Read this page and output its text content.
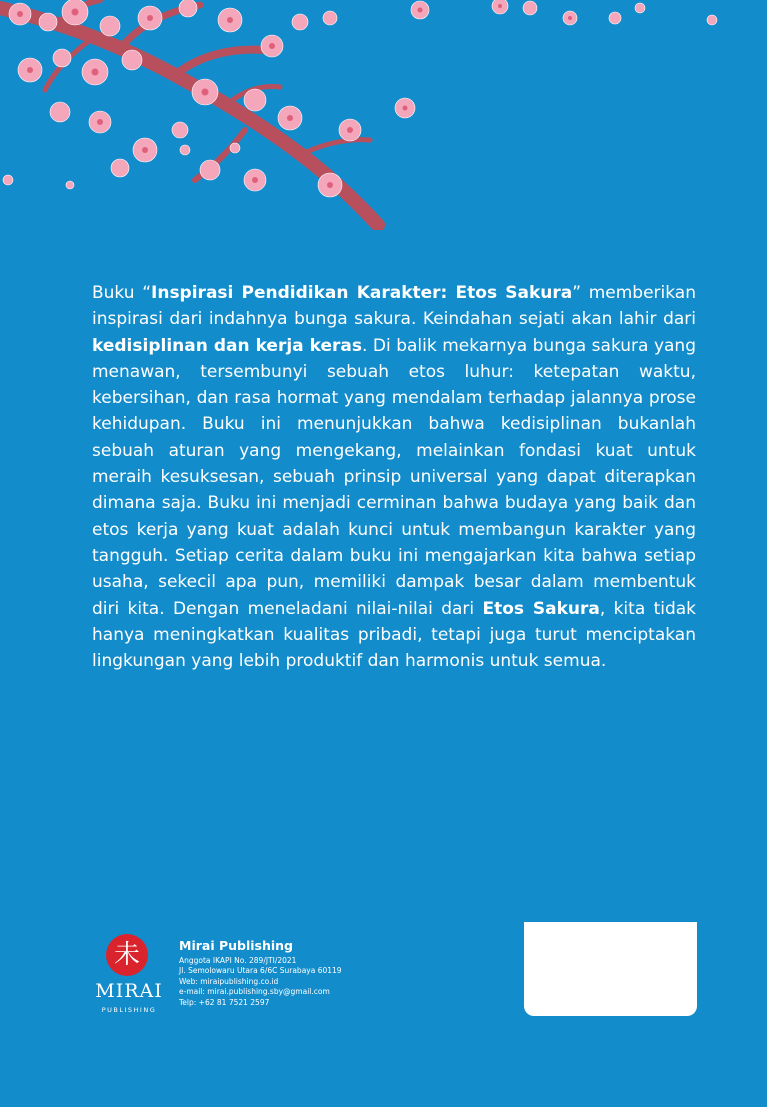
Buku “Inspirasi Pendidikan Karakter: Etos Sakura” memberikan inspirasi dari indahnya bunga sakura. Keindahan sejati akan lahir dari kedisiplinan dan kerja keras. Di balik mekarnya bunga sakura yang menawan, tersembunyi sebuah etos luhur: ketepatan waktu, kebersihan, dan rasa hormat yang mendalam terhadap jalannya prose kehidupan. Buku ini menunjukkan bahwa kedisiplinan bukanlah sebuah aturan yang mengekang, melainkan fondasi kuat untuk meraih kesuksesan, sebuah prinsip universal yang dapat diterapkan dimana saja. Buku ini menjadi cerminan bahwa budaya yang baik dan etos kerja yang kuat adalah kunci untuk membangun karakter yang tangguh. Setiap cerita dalam buku ini mengajarkan kita bahwa setiap usaha, sekecil apa pun, memiliki dampak besar dalam membentuk diri kita. Dengan meneladani nilai-nilai dari Etos Sakura, kita tidak hanya meningkatkan kualitas pribadi, tetapi juga turut menciptakan lingkungan yang lebih produktif dan harmonis untuk semua.

未
MIRAI
PUBLISHING

Mirai Publishing

Anggota IKAPI No. 289/JTI/2021

Jl. Semolowaru Utara 6/6C Surabaya 60119

Web: miraipublishing.co.id

e-mail: mirai.publishing.sby@gmail.com

Telp: +62 81 7521 2597
